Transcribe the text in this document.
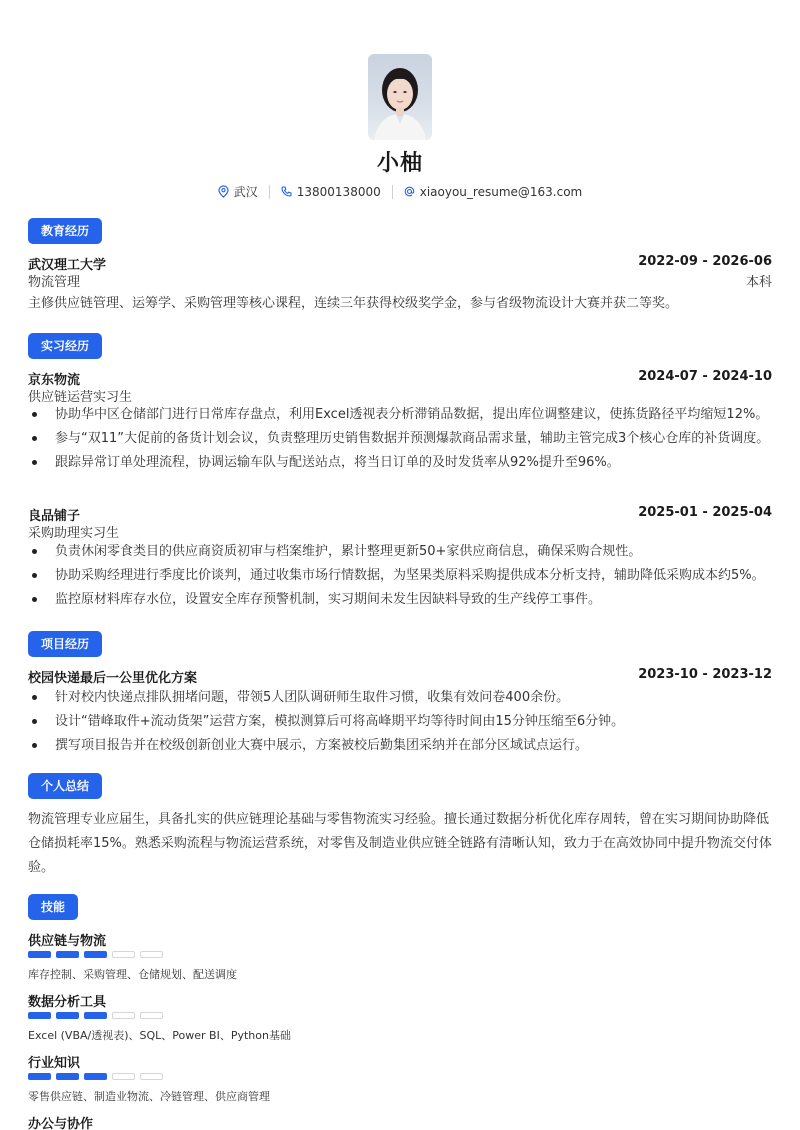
小柚
武汉	13800138000	xiaoyou_resume@163.com
教育经历
武汉理工大学	2022-09 - 2026-06
物流管理	本科
主修供应链管理、运筹学、采购管理等核心课程，连续三年获得校级奖学金，参与省级物流设计大赛并获二等奖。
实习经历
京东物流	2024-07 - 2024-10
供应链运营实习生
协助华中区仓储部门进行日常库存盘点，利用Excel透视表分析滞销品数据，提出库位调整建议，使拣货路径平均缩短12%。
参与“双11”大促前的备货计划会议，负责整理历史销售数据并预测爆款商品需求量，辅助主管完成3个核心仓库的补货调度。
跟踪异常订单处理流程，协调运输车队与配送站点，将当日订单的及时发货率从92%提升至96%。
良品铺子	2025-01 - 2025-04
采购助理实习生
负责休闲零食类目的供应商资质初审与档案维护，累计整理更新50+家供应商信息，确保采购合规性。
协助采购经理进行季度比价谈判，通过收集市场行情数据，为坚果类原料采购提供成本分析支持，辅助降低采购成本约5%。
监控原材料库存水位，设置安全库存预警机制，实习期间未发生因缺料导致的生产线停工事件。
项目经历
校园快递最后一公里优化方案	2023-10 - 2023-12
针对校内快递点排队拥堵问题，带领5人团队调研师生取件习惯，收集有效问卷400余份。
设计“错峰取件+流动货架”运营方案，模拟测算后可将高峰期平均等待时间由15分钟压缩至6分钟。
撰写项目报告并在校级创新创业大赛中展示，方案被校后勤集团采纳并在部分区域试点运行。
个人总结
物流管理专业应届生，具备扎实的供应链理论基础与零售物流实习经验。擅长通过数据分析优化库存周转，曾在实习期间协助降低仓储损耗率15%。熟悉采购流程与物流运营系统，对零售及制造业供应链全链路有清晰认知，致力于在高效协同中提升物流交付体验。
技能
供应链与物流
库存控制、采购管理、仓储规划、配送调度
数据分析工具
Excel (VBA/透视表)、SQL、Power BI、Python基础
行业知识
零售供应链、制造业物流、冷链管理、供应商管理
办公与协作
